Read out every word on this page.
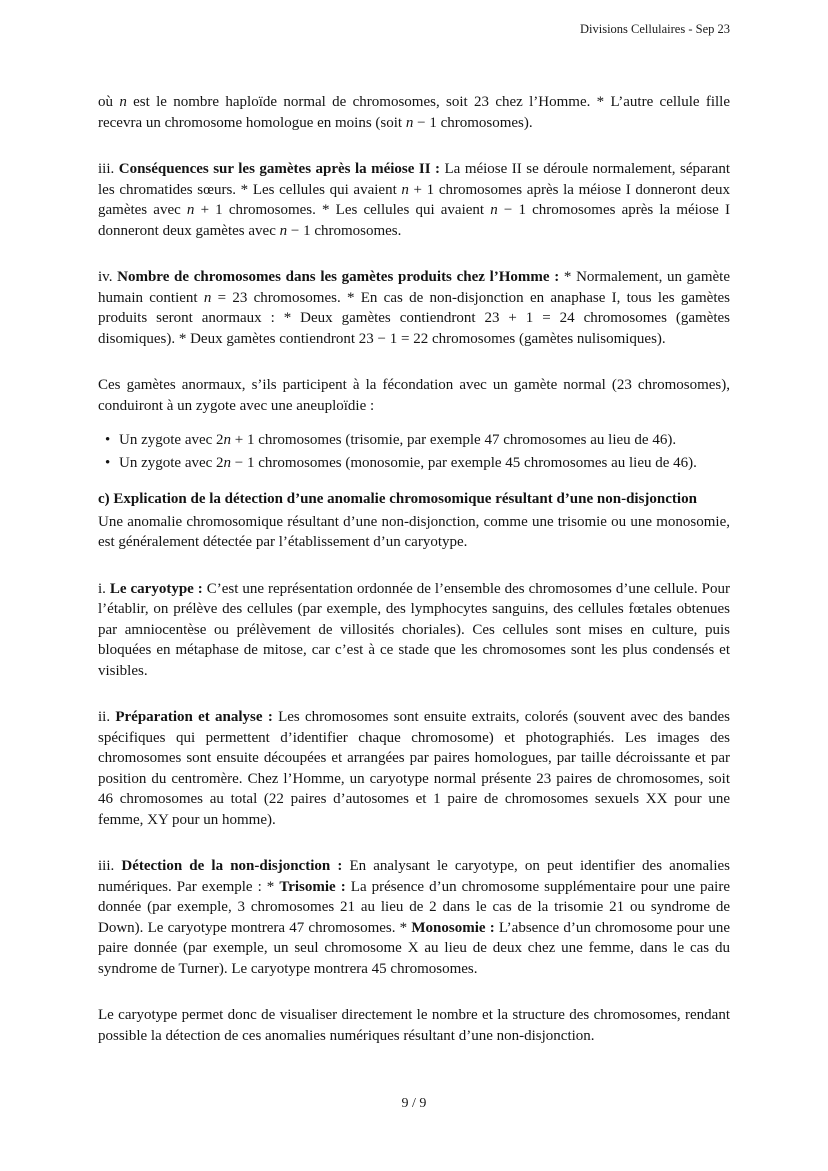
Divisions Cellulaires - Sep 23

où n est le nombre haploïde normal de chromosomes, soit 23 chez l’Homme. * L’autre cellule fille recevra un chromosome homologue en moins (soit n − 1 chromosomes).

iii. Conséquences sur les gamètes après la méiose II : La méiose II se déroule normalement, séparant les chromatides sœurs. * Les cellules qui avaient n + 1 chromosomes après la méiose I donneront deux gamètes avec n + 1 chromosomes. * Les cellules qui avaient n − 1 chromosomes après la méiose I donneront deux gamètes avec n − 1 chromosomes.

iv. Nombre de chromosomes dans les gamètes produits chez l’Homme : * Normalement, un gamète humain contient n = 23 chromosomes. * En cas de non-disjonction en anaphase I, tous les gamètes produits seront anormaux : * Deux gamètes contiendront 23 + 1 = 24 chromosomes (gamètes disomiques). * Deux gamètes contiendront 23 − 1 = 22 chromosomes (gamètes nulisomiques).

Ces gamètes anormaux, s’ils participent à la fécondation avec un gamète normal (23 chromosomes), conduiront à un zygote avec une aneuploïdie :

• Un zygote avec 2n + 1 chromosomes (trisomie, par exemple 47 chromosomes au lieu de 46).
• Un zygote avec 2n − 1 chromosomes (monosomie, par exemple 45 chromosomes au lieu de 46).

c) Explication de la détection d’une anomalie chromosomique résultant d’une non-disjonction

Une anomalie chromosomique résultant d’une non-disjonction, comme une trisomie ou une monosomie, est généralement détectée par l’établissement d’un caryotype.

i. Le caryotype : C’est une représentation ordonnée de l’ensemble des chromosomes d’une cellule. Pour l’établir, on prélève des cellules (par exemple, des lymphocytes sanguins, des cellules fœtales obtenues par amniocentèse ou prélèvement de villosités choriales). Ces cellules sont mises en culture, puis bloquées en métaphase de mitose, car c’est à ce stade que les chromosomes sont les plus condensés et visibles.

ii. Préparation et analyse : Les chromosomes sont ensuite extraits, colorés (souvent avec des bandes spécifiques qui permettent d’identifier chaque chromosome) et photographiés. Les images des chromosomes sont ensuite découpées et arrangées par paires homologues, par taille décroissante et par position du centromère. Chez l’Homme, un caryotype normal présente 23 paires de chromosomes, soit 46 chromosomes au total (22 paires d’autosomes et 1 paire de chromosomes sexuels XX pour une femme, XY pour un homme).

iii. Détection de la non-disjonction : En analysant le caryotype, on peut identifier des anomalies numériques. Par exemple : * Trisomie : La présence d’un chromosome supplémentaire pour une paire donnée (par exemple, 3 chromosomes 21 au lieu de 2 dans le cas de la trisomie 21 ou syndrome de Down). Le caryotype montrera 47 chromosomes. * Monosomie : L’absence d’un chromosome pour une paire donnée (par exemple, un seul chromosome X au lieu de deux chez une femme, dans le cas du syndrome de Turner). Le caryotype montrera 45 chromosomes.

Le caryotype permet donc de visualiser directement le nombre et la structure des chromosomes, rendant possible la détection de ces anomalies numériques résultant d’une non-disjonction.

9 / 9
